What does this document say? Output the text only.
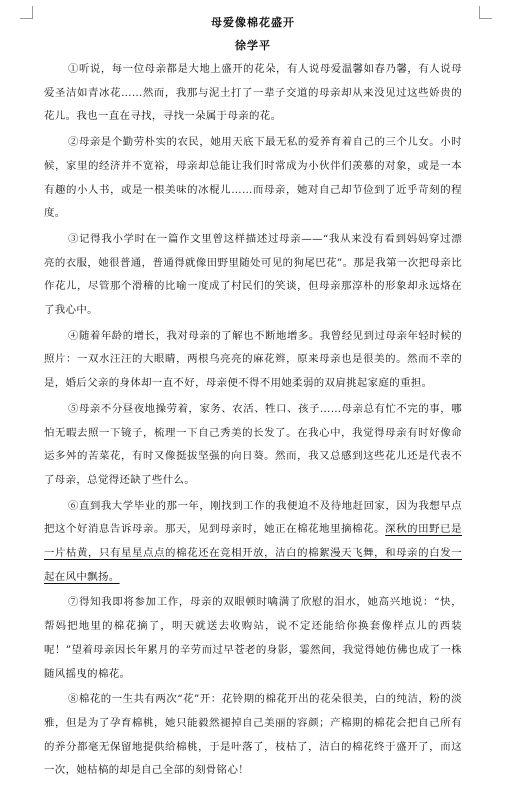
母爱像棉花盛开
徐学平

①听说，每一位母亲都是大地上盛开的花朵，有人说母爱温馨如春乃馨，有人说母爱圣洁如青冰花……然而，我那与泥土打了一辈子交道的母亲却从来没见过这些娇贵的花儿。我也一直在寻找，寻找一朵属于母亲的花。

②母亲是个勤劳朴实的农民，她用天底下最无私的爱养育着自己的三个儿女。小时候，家里的经济并不宽裕，母亲却总能让我们时常成为小伙伴们羡慕的对象，或是一本有趣的小人书，或是一根美味的冰棍儿……而母亲，她对自己却节俭到了近乎苛刻的程度。

③记得我小学时在一篇作文里曾这样描述过母亲——“我从来没有看到妈妈穿过漂亮的衣服，她很普通，普通得就像田野里随处可见的狗尾巴花”。那是我第一次把母亲比作花儿，尽管那个滑稽的比喻一度成了村民们的笑谈，但母亲那淳朴的形象却永远烙在了我心中。

④随着年龄的增长，我对母亲的了解也不断地增多。我曾经见到过母亲年轻时候的照片：一双水汪汪的大眼睛，两根乌亮亮的麻花辫，原来母亲也是很美的。然而不幸的是，婚后父亲的身体却一直不好，母亲便不得不用她柔弱的双肩挑起家庭的重担。

⑤母亲不分昼夜地操劳着，家务、农活、牲口、孩子……母亲总有忙不完的事，哪怕无暇去照一下镜子，梳理一下自己秀美的长发了。在我心中，我觉得母亲有时好像命运多舛的苦菜花，有时又像挺拔坚强的向日葵。然而，我又总感到这些花儿还是代表不了母亲，总觉得还缺了些什么。

⑥直到我大学毕业的那一年，刚找到工作的我便迫不及待地赶回家，因为我想早点把这个好消息告诉母亲。那天，见到母亲时，她正在棉花地里摘棉花。深秋的田野已是一片枯黄，只有星星点点的棉花还在竞相开放，洁白的棉絮漫天飞舞，和母亲的白发一起在风中飘扬。

⑦得知我即将参加工作，母亲的双眼顿时噙满了欣慰的泪水，她高兴地说：“快，帮妈把地里的棉花摘了，明天就送去收购站，说不定还能给你换套像样点儿的西装呢！”望着母亲因长年累月的辛劳而过早苍老的身影，霎然间，我觉得她仿佛也成了一株随风摇曳的棉花。

⑧棉花的一生共有两次“花”开：花铃期的棉花开出的花朵很美，白的纯洁，粉的淡雅，但是为了孕育棉桃，她只能毅然褪掉自己美丽的容颜；产棉期的棉花会把自己所有的养分都毫无保留地提供给棉桃，于是叶落了，枝枯了，洁白的棉花终于盛开了，而这一次，她枯槁的却是自己全部的刻骨铭心！
